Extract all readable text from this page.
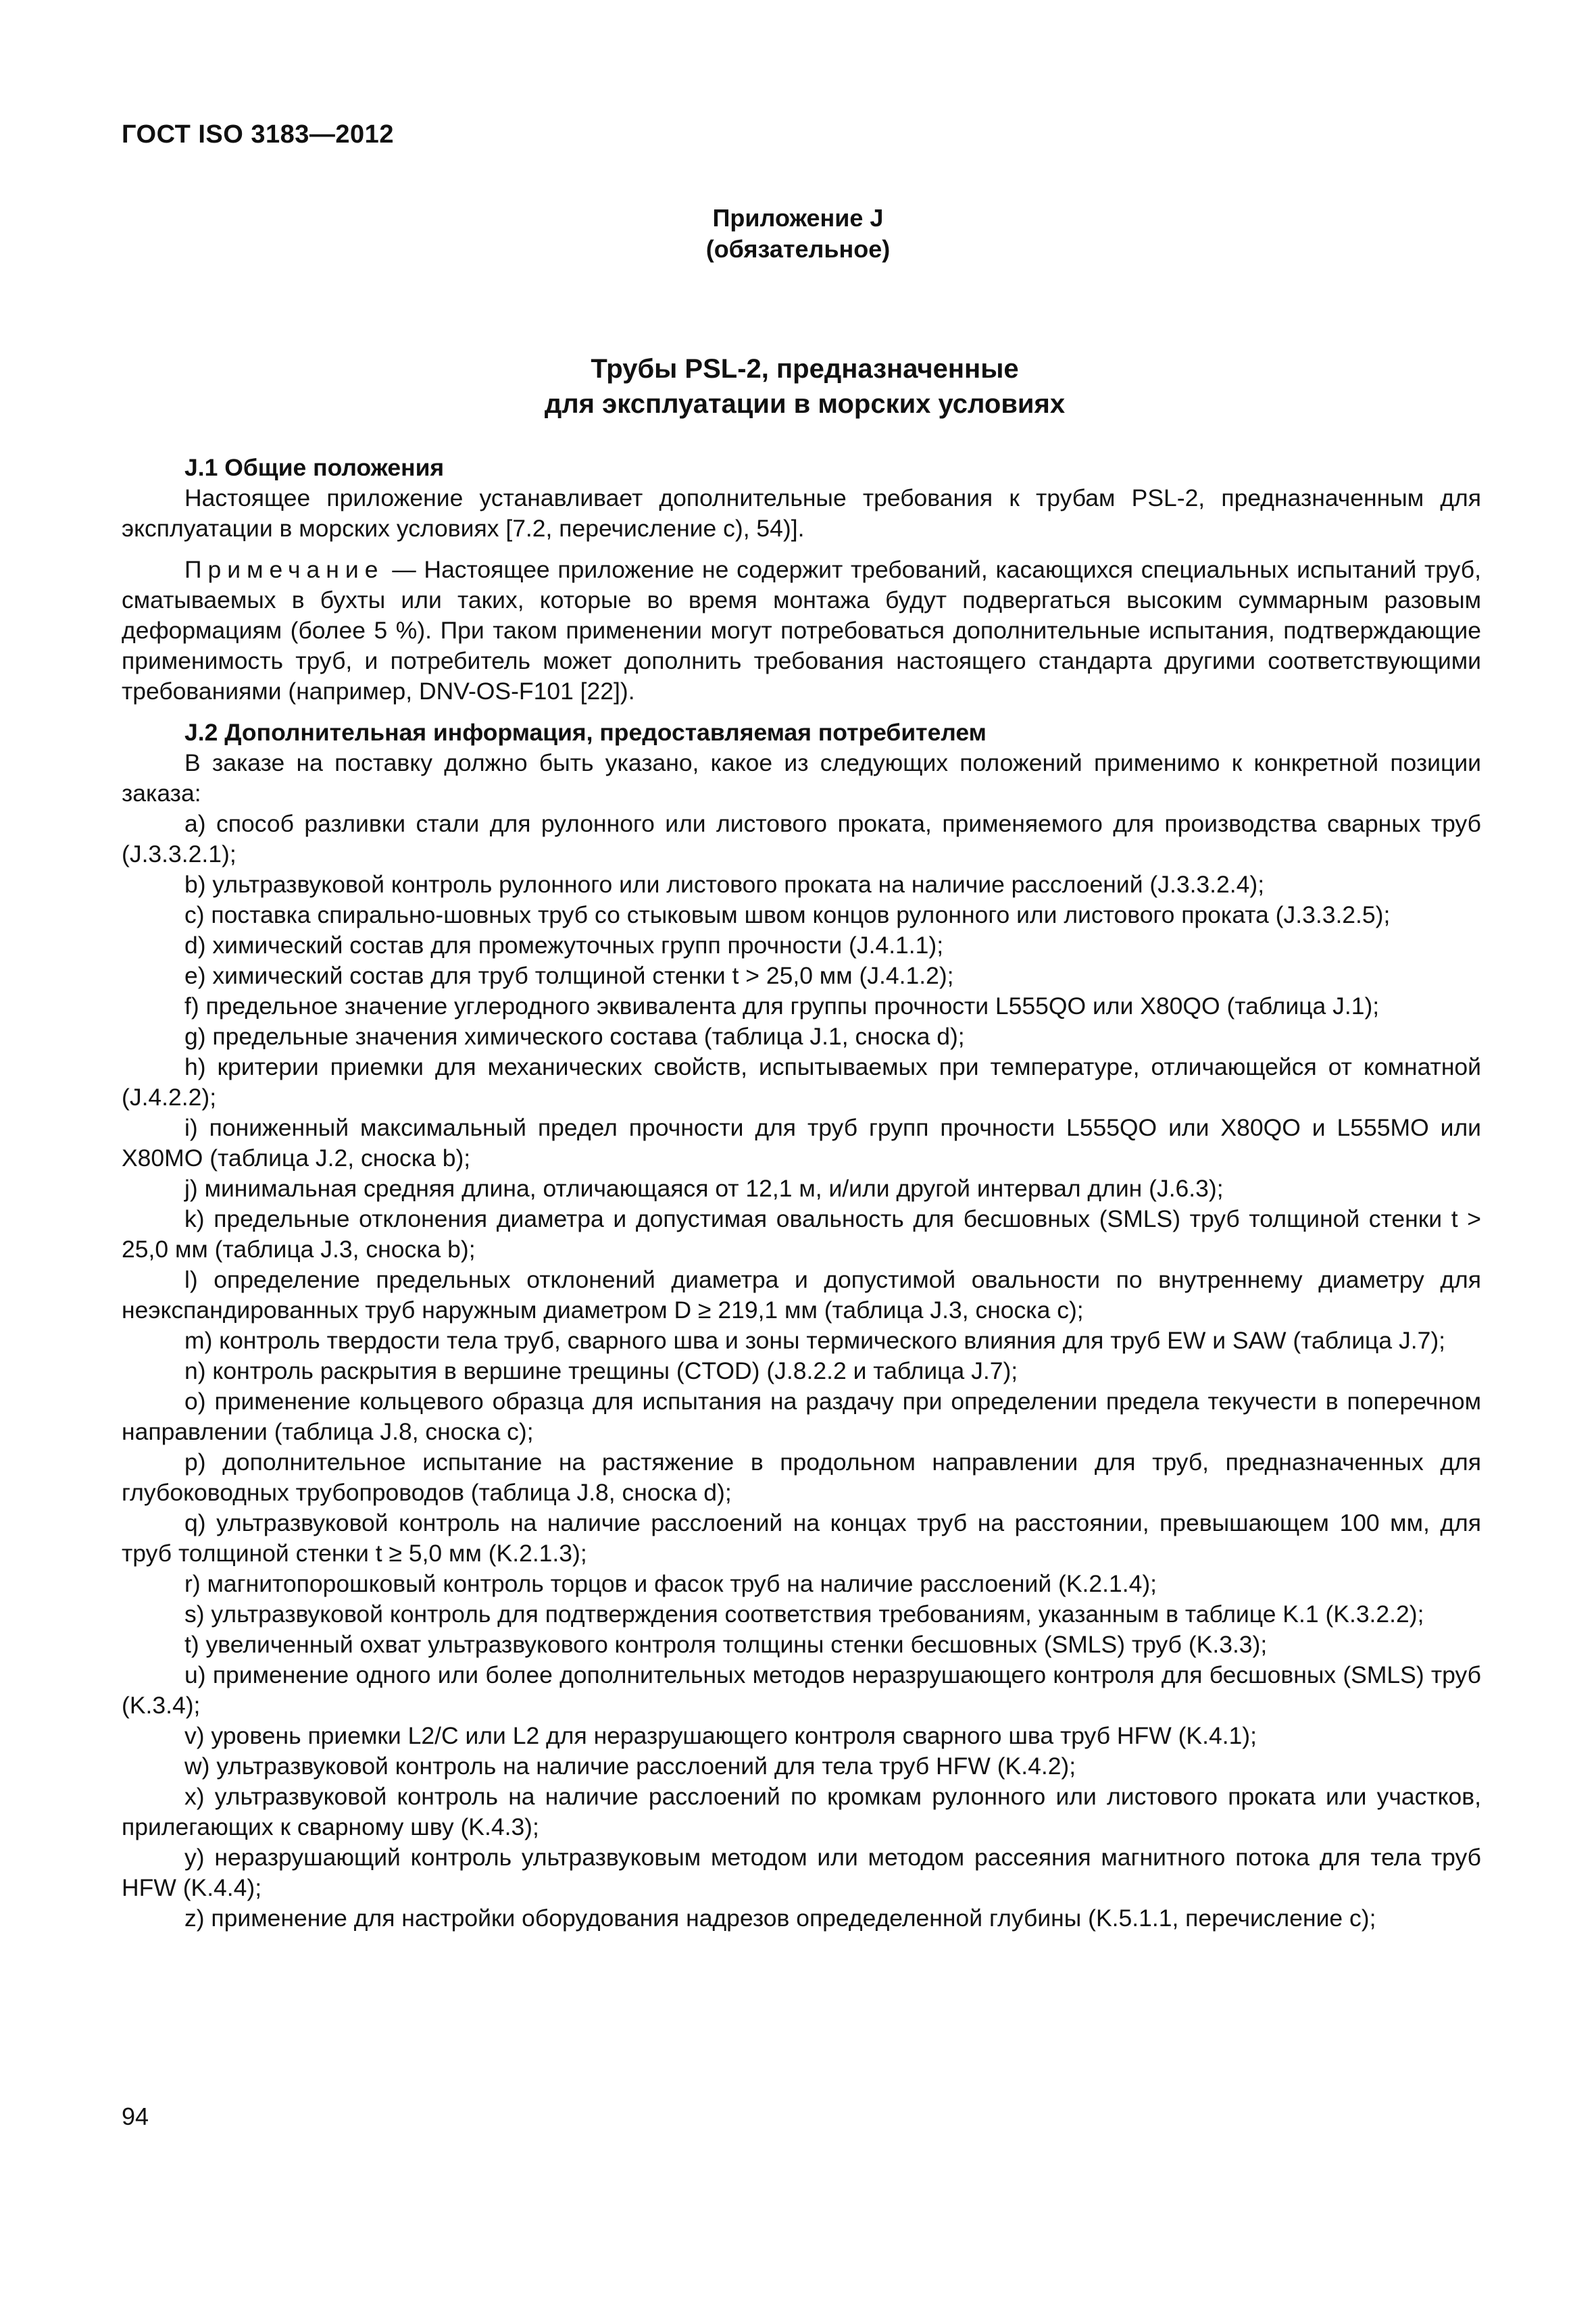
ГОСТ ISO 3183—2012
Приложение J
(обязательное)
Трубы PSL-2, предназначенные
для эксплуатации в морских условиях

J.1 Общие положения

Настоящее приложение устанавливает дополнительные требования к трубам PSL-2, предназначенным для эксплуатации в морских условиях [7.2, перечисление c), 54)].

Примечание — Настоящее приложение не содержит требований, касающихся специальных испытаний труб, сматываемых в бухты или таких, которые во время монтажа будут подвергаться высоким суммарным разовым деформациям (более 5 %). При таком применении могут потребоваться дополнительные испытания, подтверждающие применимость труб, и потребитель может дополнить требования настоящего стандарта другими соответствующими требованиями (например, DNV-OS-F101 [22]).

J.2 Дополнительная информация, предоставляемая потребителем

В заказе на поставку должно быть указано, какое из следующих положений применимо к конкретной позиции заказа:

a) способ разливки стали для рулонного или листового проката, применяемого для производства сварных труб (J.3.3.2.1);

b) ультразвуковой контроль рулонного или листового проката на наличие расслоений (J.3.3.2.4);

c) поставка спирально-шовных труб со стыковым швом концов рулонного или листового проката (J.3.3.2.5);

d) химический состав для промежуточных групп прочности (J.4.1.1);

e) химический состав для труб толщиной стенки t > 25,0 мм (J.4.1.2);

f) предельное значение углеродного эквивалента для группы прочности L555QO или X80QO (таблица J.1);

g) предельные значения химического состава (таблица J.1, сноска d);

h) критерии приемки для механических свойств, испытываемых при температуре, отличающейся от комнатной (J.4.2.2);

i) пониженный максимальный предел прочности для труб групп прочности L555QO или X80QO и L555MO или X80MO (таблица J.2, сноска b);

j) минимальная средняя длина, отличающаяся от 12,1 м, и/или другой интервал длин (J.6.3);

k) предельные отклонения диаметра и допустимая овальность для бесшовных (SMLS) труб толщиной стенки t > 25,0 мм (таблица J.3, сноска b);

l) определение предельных отклонений диаметра и допустимой овальности по внутреннему диаметру для неэкспандированных труб наружным диаметром D ≥ 219,1 мм (таблица J.3, сноска c);

m) контроль твердости тела труб, сварного шва и зоны термического влияния для труб EW и SAW (таблица J.7);

n) контроль раскрытия в вершине трещины (CTOD) (J.8.2.2 и таблица J.7);

o) применение кольцевого образца для испытания на раздачу при определении предела текучести в поперечном направлении (таблица J.8, сноска c);

p) дополнительное испытание на растяжение в продольном направлении для труб, предназначенных для глубоководных трубопроводов (таблица J.8, сноска d);

q) ультразвуковой контроль на наличие расслоений на концах труб на расстоянии, превышающем 100 мм, для труб толщиной стенки t ≥ 5,0 мм (K.2.1.3);

r) магнитопорошковый контроль торцов и фасок труб на наличие расслоений (K.2.1.4);

s) ультразвуковой контроль для подтверждения соответствия требованиям, указанным в таблице K.1 (K.3.2.2);

t) увеличенный охват ультразвукового контроля толщины стенки бесшовных (SMLS) труб (K.3.3);

u) применение одного или более дополнительных методов неразрушающего контроля для бесшовных (SMLS) труб (K.3.4);

v) уровень приемки L2/C или L2 для неразрушающего контроля сварного шва труб HFW (K.4.1);

w) ультразвуковой контроль на наличие расслоений для тела труб HFW (K.4.2);

x) ультразвуковой контроль на наличие расслоений по кромкам рулонного или листового проката или участков, прилегающих к сварному шву (K.4.3);

y) неразрушающий контроль ультразвуковым методом или методом рассеяния магнитного потока для тела труб HFW (K.4.4);

z) применение для настройки оборудования надрезов опредеделенной глубины (K.5.1.1, перечисление c);

94
